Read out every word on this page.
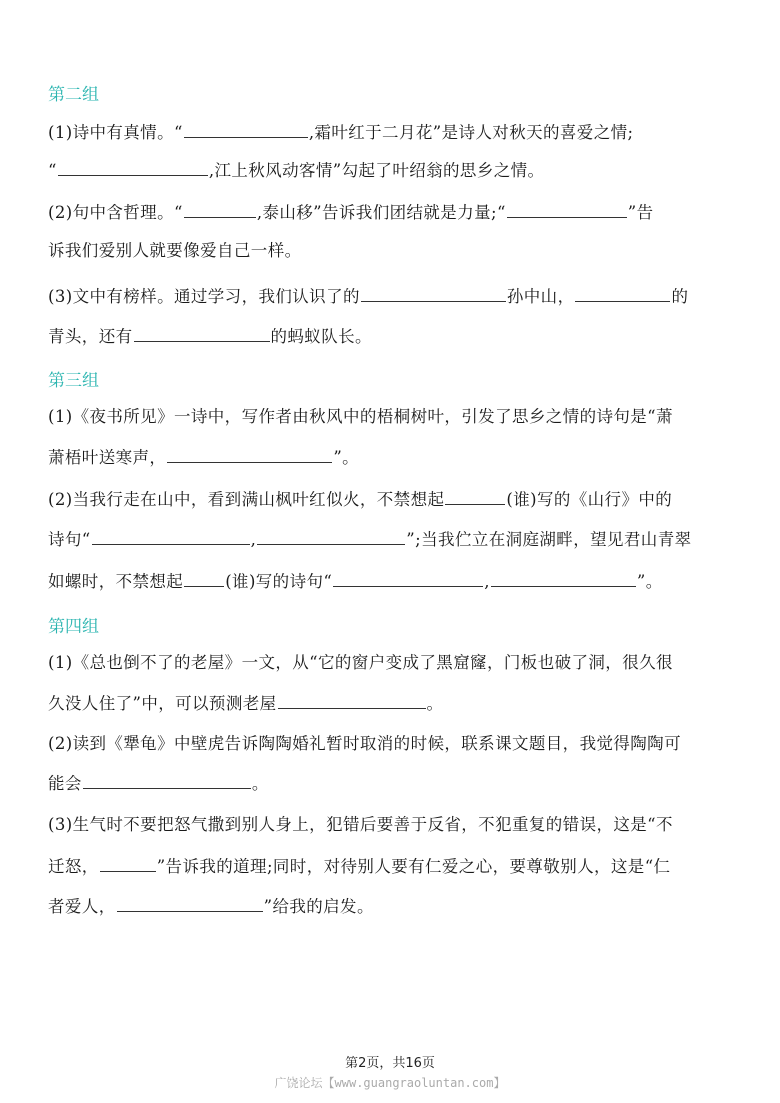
第二组
(1)诗中有真情。“	,霜叶红于二月花”是诗人对秋天的喜爱之情;
“	,江上秋风动客情”勾起了叶绍翁的思乡之情。
(2)句中含哲理。“	,泰山移”告诉我们团结就是力量;“	”告
诉我们爱别人就要像爱自己一样。
(3)文中有榜样。通过学习，我们认识了的	孙中山，	的
青头，还有	的蚂蚁队长。
第三组
(1)《夜书所见》一诗中，写作者由秋风中的梧桐树叶，引发了思乡之情的诗句是“萧
萧梧叶送寒声，	”。
(2)当我行走在山中，看到满山枫叶红似火，不禁想起	(谁)写的《山行》中的
诗句“	,	”;当我伫立在洞庭湖畔，望见君山青翠
如螺时，不禁想起	(谁)写的诗句“	,	”。
第四组
(1)《总也倒不了的老屋》一文，从“它的窗户变成了黑窟窿，门板也破了洞，很久很
久没人住了”中，可以预测老屋	。
(2)读到《犟龟》中壁虎告诉陶陶婚礼暂时取消的时候，联系课文题目，我觉得陶陶可
能会	。
(3)生气时不要把怒气撒到别人身上，犯错后要善于反省，不犯重复的错误，这是“不
迁怒，	”告诉我的道理;同时，对待别人要有仁爱之心，要尊敬别人，这是“仁
者爱人，	”给我的启发。
第2页，共16页
广饶论坛【www.guangraoluntan.com】
